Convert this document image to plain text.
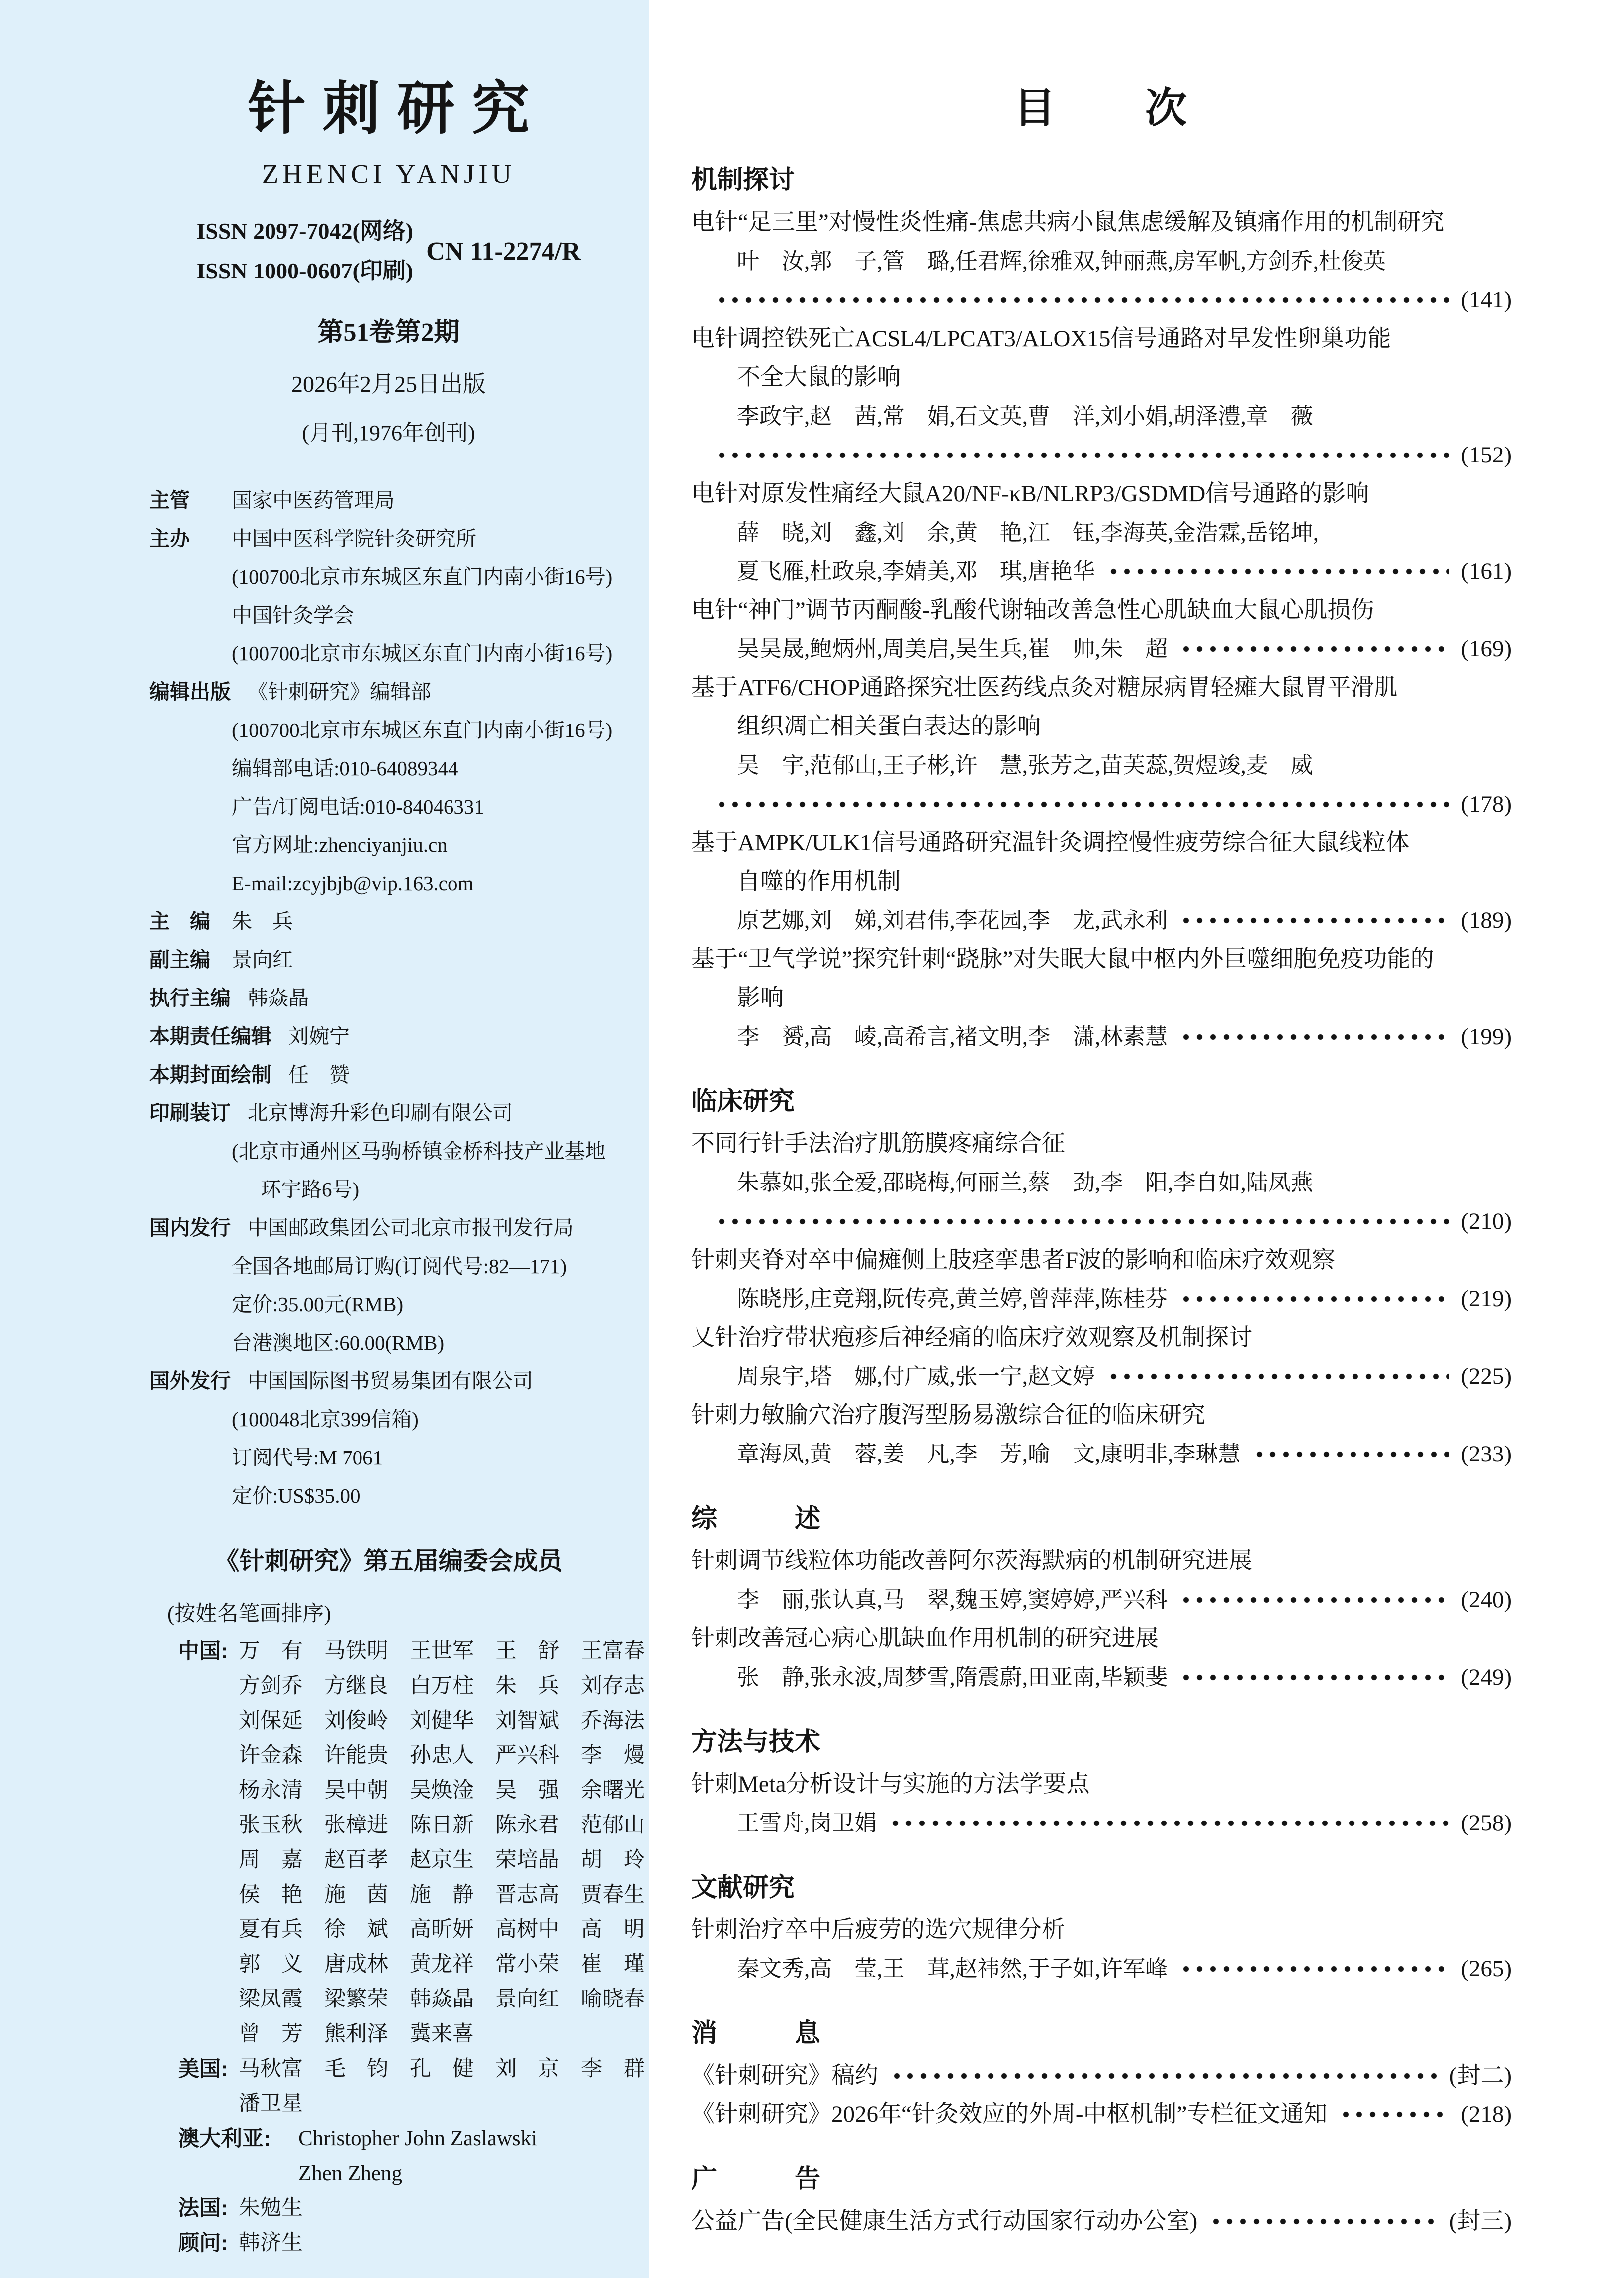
针刺研究
ZHENCI YANJIU
ISSN 2097-7042(网络)
ISSN 1000-0607(印刷)
CN 11-2274/R
第51卷第2期
2026年2月25日出版
(月刊,1976年创刊)
主管 国家中医药管理局
主办 中国中医科学院针灸研究所
(100700北京市东城区东直门内南小街16号)
中国针灸学会
(100700北京市东城区东直门内南小街16号)
编辑出版 《针刺研究》编辑部
(100700北京市东城区东直门内南小街16号)
编辑部电话:010-64089344
广告/订阅电话:010-84046331
官方网址:zhenciyanjiu.cn
E-mail:zcyjbjb@vip.163.com
主　编 朱　兵
副主编 景向红
执行主编 韩焱晶
本期责任编辑 刘婉宁
本期封面绘制 任　赞
印刷装订 北京博海升彩色印刷有限公司
(北京市通州区马驹桥镇金桥科技产业基地
环宇路6号)
国内发行 中国邮政集团公司北京市报刊发行局
全国各地邮局订购(订阅代号:82—171)
定价:35.00元(RMB)
台港澳地区:60.00(RMB)
国外发行 中国国际图书贸易集团有限公司
(100048北京399信箱)
订阅代号:M 7061
定价:US$35.00
《针刺研究》第五届编委会成员
(按姓名笔画排序)
中国: 万　有　马铁明　王世军　王　舒　王富春
方剑乔　方继良　白万柱　朱　兵　刘存志
刘保延　刘俊岭　刘健华　刘智斌　乔海法
许金森　许能贵　孙忠人　严兴科　李　熳
杨永清　吴中朝　吴焕淦　吴　强　余曙光
张玉秋　张樟进　陈日新　陈永君　范郁山
周　嘉　赵百孝　赵京生　荣培晶　胡　玲
侯　艳　施　茵　施　静　晋志高　贾春生
夏有兵　徐　斌　高昕妍　高树中　高　明
郭　义　唐成林　黄龙祥　常小荣　崔　瑾
梁凤霞　梁繁荣　韩焱晶　景向红　喻晓春
曾　芳　熊利泽　冀来喜
美国: 马秋富　毛　钧　孔　健　刘　京　李　群
潘卫星
澳大利亚: Christopher John Zaslawski
Zhen Zheng
法国: 朱勉生
顾问: 韩济生
目　　次
机制探讨
电针“足三里”对慢性炎性痛-焦虑共病小鼠焦虑缓解及镇痛作用的机制研究
叶　汝,郭　子,管　璐,任君辉,徐雅双,钟丽燕,房军帆,方剑乔,杜俊英
(141)
电针调控铁死亡ACSL4/LPCAT3/ALOX15信号通路对早发性卵巢功能
不全大鼠的影响
李政宇,赵　茜,常　娟,石文英,曹　洋,刘小娟,胡泽澧,章　薇
(152)
电针对原发性痛经大鼠A20/NF-κB/NLRP3/GSDMD信号通路的影响
薛　晓,刘　鑫,刘　余,黄　艳,江　钰,李海英,金浩霖,岳铭坤,
夏飞雁,杜政泉,李婧美,邓　琪,唐艳华	(161)
电针“神门”调节丙酮酸-乳酸代谢轴改善急性心肌缺血大鼠心肌损伤
吴昊晟,鲍炳州,周美启,吴生兵,崔　帅,朱　超	(169)
基于ATF6/CHOP通路探究壮医药线点灸对糖尿病胃轻瘫大鼠胃平滑肌
组织凋亡相关蛋白表达的影响
吴　宇,范郁山,王子彬,许　慧,张芳之,苗芙蕊,贺煜竣,麦　威
(178)
基于AMPK/ULK1信号通路研究温针灸调控慢性疲劳综合征大鼠线粒体
自噬的作用机制
原艺娜,刘　娣,刘君伟,李花园,李　龙,武永利	(189)
基于“卫气学说”探究针刺“跷脉”对失眠大鼠中枢内外巨噬细胞免疫功能的
影响
李　赟,高　崚,高希言,褚文明,李　潇,林素慧	(199)
临床研究
不同行针手法治疗肌筋膜疼痛综合征
朱慕如,张全爱,邵晓梅,何丽兰,蔡　劲,李　阳,李自如,陆凤燕
(210)
针刺夹脊对卒中偏瘫侧上肢痉挛患者F波的影响和临床疗效观察
陈晓彤,庄竞翔,阮传亮,黄兰婷,曾萍萍,陈桂芬	(219)
乂针治疗带状疱疹后神经痛的临床疗效观察及机制探讨
周泉宇,塔　娜,付广威,张一宁,赵文婷	(225)
针刺力敏腧穴治疗腹泻型肠易激综合征的临床研究
章海凤,黄　蓉,姜　凡,李　芳,喻　文,康明非,李琳慧	(233)
综　　　述
针刺调节线粒体功能改善阿尔茨海默病的机制研究进展
李　丽,张认真,马　翠,魏玉婷,窦婷婷,严兴科	(240)
针刺改善冠心病心肌缺血作用机制的研究进展
张　静,张永波,周梦雪,隋震蔚,田亚南,毕颖斐	(249)
方法与技术
针刺Meta分析设计与实施的方法学要点
王雪舟,岗卫娟	(258)
文献研究
针刺治疗卒中后疲劳的选穴规律分析
秦文秀,高　莹,王　茸,赵祎然,于子如,许军峰	(265)
消　　　息
《针刺研究》稿约	(封二)
《针刺研究》2026年“针灸效应的外周-中枢机制”专栏征文通知	(218)
广　　　告
公益广告(全民健康生活方式行动国家行动办公室)	(封三)
